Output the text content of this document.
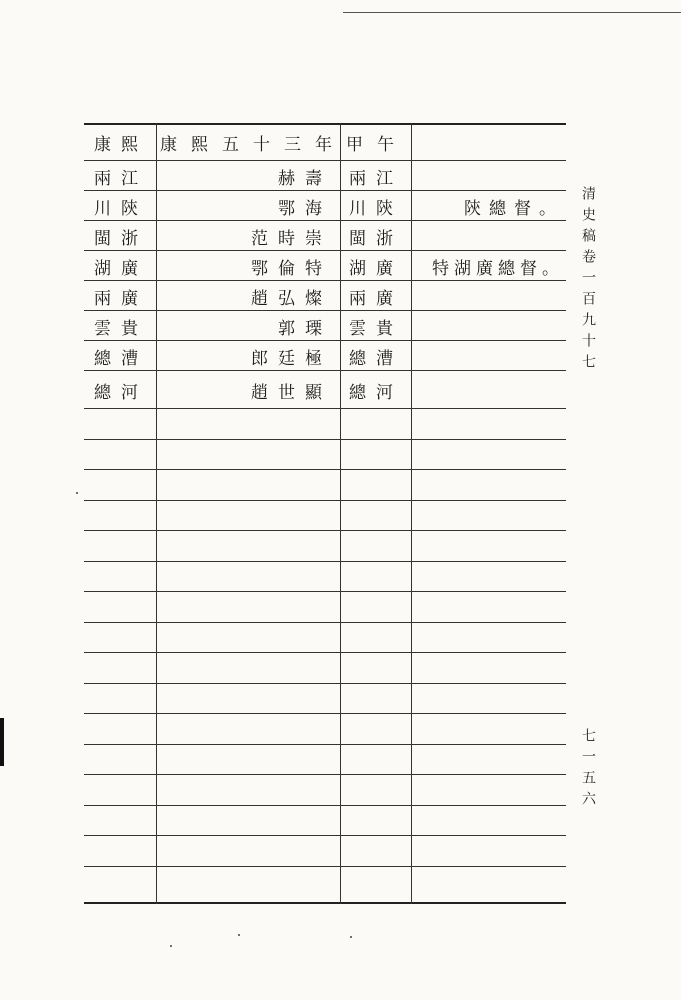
康熙 康熙五十三年甲午
兩江
川陝
閩浙
湖廣
兩廣
雲貴
總漕
總河
赫壽
鄂海
范時崇
鄂倫特
趙弘燦
郭瑮
郎廷極
趙世顯
兩江
川陝
閩浙
湖廣
兩廣
雲貴
總漕
總河
陝總督。
特湖廣總督。 清史稿卷一百九十七
七一五六
